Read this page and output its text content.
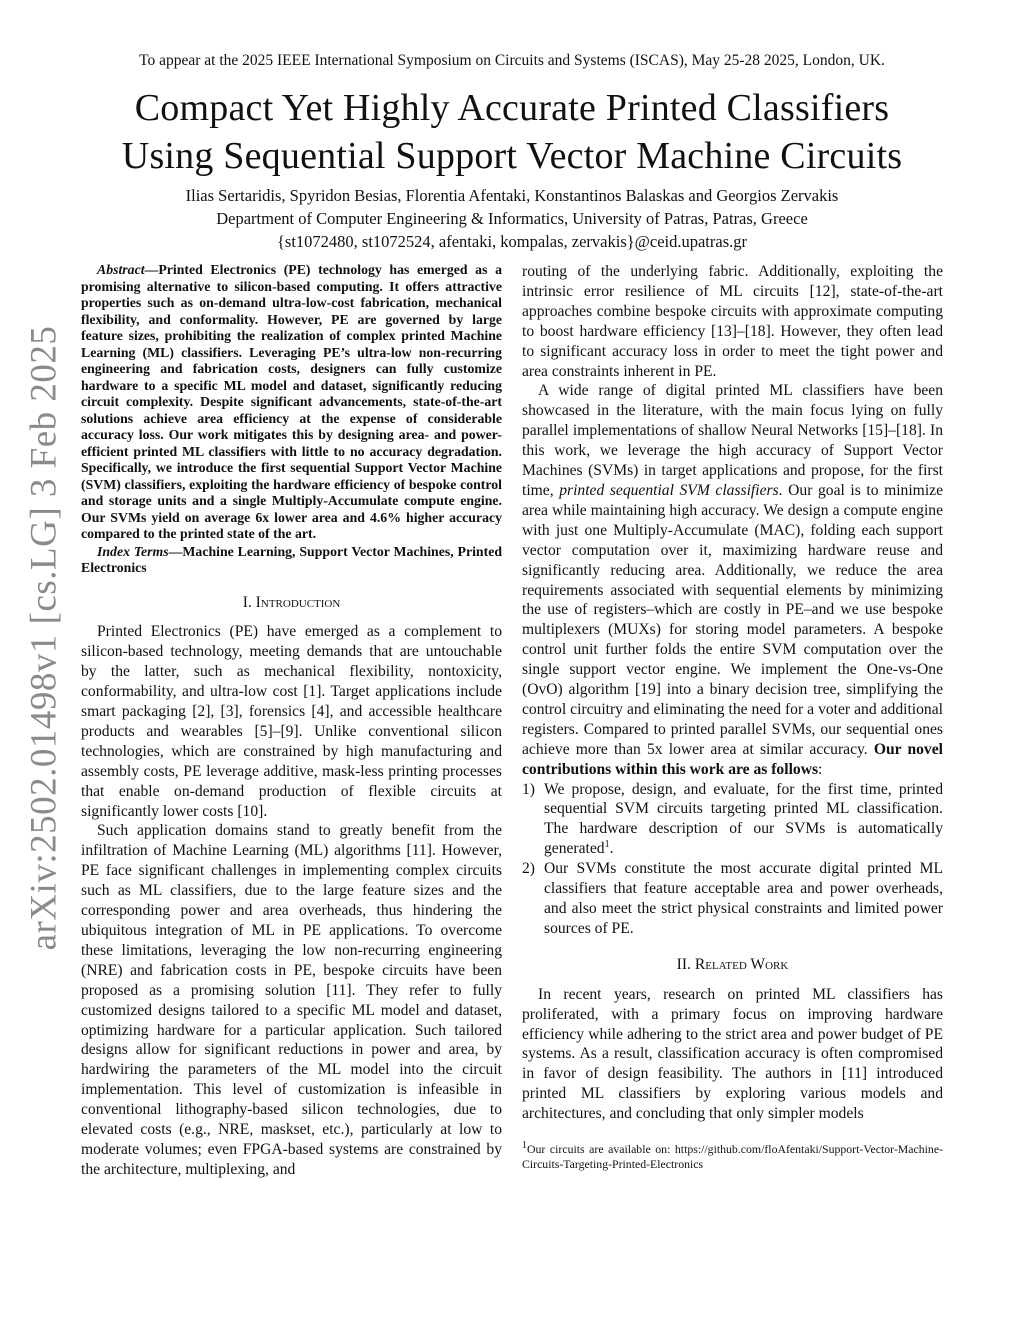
To appear at the 2025 IEEE International Symposium on Circuits and Systems (ISCAS), May 25-28 2025, London, UK.
Compact Yet Highly Accurate Printed Classifiers
Using Sequential Support Vector Machine Circuits
Ilias Sertaridis, Spyridon Besias, Florentia Afentaki, Konstantinos Balaskas and Georgios Zervakis
Department of Computer Engineering & Informatics, University of Patras, Patras, Greece
{st1072480, st1072524, afentaki, kompalas, zervakis}@ceid.upatras.gr
arXiv:2502.01498v1 [cs.LG] 3 Feb 2025

Abstract—Printed Electronics (PE) technology has emerged as a promising alternative to silicon-based computing. It offers attractive properties such as on-demand ultra-low-cost fabrication, mechanical flexibility, and conformality. However, PE are governed by large feature sizes, prohibiting the realization of complex printed Machine Learning (ML) classifiers. Leveraging PE’s ultra-low non-recurring engineering and fabrication costs, designers can fully customize hardware to a specific ML model and dataset, significantly reducing circuit complexity. Despite significant advancements, state-of-the-art solutions achieve area efficiency at the expense of considerable accuracy loss. Our work mitigates this by designing area- and power-efficient printed ML classifiers with little to no accuracy degradation. Specifically, we introduce the first sequential Support Vector Machine (SVM) classifiers, exploiting the hardware efficiency of bespoke control and storage units and a single Multiply-Accumulate compute engine. Our SVMs yield on average 6x lower area and 4.6% higher accuracy compared to the printed state of the art.

Index Terms—Machine Learning, Support Vector Machines, Printed Electronics

I. Introduction

Printed Electronics (PE) have emerged as a complement to silicon-based technology, meeting demands that are untouchable by the latter, such as mechanical flexibility, nontoxicity, conformability, and ultra-low cost [1]. Target applications include smart packaging [2], [3], forensics [4], and accessible healthcare products and wearables [5]–[9]. Unlike conventional silicon technologies, which are constrained by high manufacturing and assembly costs, PE leverage additive, mask-less printing processes that enable on-demand production of flexible circuits at significantly lower costs [10].

Such application domains stand to greatly benefit from the infiltration of Machine Learning (ML) algorithms [11]. However, PE face significant challenges in implementing complex circuits such as ML classifiers, due to the large feature sizes and the corresponding power and area overheads, thus hindering the ubiquitous integration of ML in PE applications. To overcome these limitations, leveraging the low non-recurring engineering (NRE) and fabrication costs in PE, bespoke circuits have been proposed as a promising solution [11]. They refer to fully customized designs tailored to a specific ML model and dataset, optimizing hardware for a particular application. Such tailored designs allow for significant reductions in power and area, by hardwiring the parameters of the ML model into the circuit implementation. This level of customization is infeasible in conventional lithography-based silicon technologies, due to elevated costs (e.g., NRE, maskset, etc.), particularly at low to moderate volumes; even FPGA-based systems are constrained by the architecture, multiplexing, and

routing of the underlying fabric. Additionally, exploiting the intrinsic error resilience of ML circuits [12], state-of-the-art approaches combine bespoke circuits with approximate computing to boost hardware efficiency [13]–[18]. However, they often lead to significant accuracy loss in order to meet the tight power and area constraints inherent in PE.

A wide range of digital printed ML classifiers have been showcased in the literature, with the main focus lying on fully parallel implementations of shallow Neural Networks [15]–[18]. In this work, we leverage the high accuracy of Support Vector Machines (SVMs) in target applications and propose, for the first time, printed sequential SVM classifiers. Our goal is to minimize area while maintaining high accuracy. We design a compute engine with just one Multiply-Accumulate (MAC), folding each support vector computation over it, maximizing hardware reuse and significantly reducing area. Additionally, we reduce the area requirements associated with sequential elements by minimizing the use of registers–which are costly in PE–and we use bespoke multiplexers (MUXs) for storing model parameters. A bespoke control unit further folds the entire SVM computation over the single support vector engine. We implement the One-vs-One (OvO) algorithm [19] into a binary decision tree, simplifying the control circuitry and eliminating the need for a voter and additional registers. Compared to printed parallel SVMs, our sequential ones achieve more than 5x lower area at similar accuracy. Our novel contributions within this work are as follows:

1) We propose, design, and evaluate, for the first time, printed sequential SVM circuits targeting printed ML classification. The hardware description of our SVMs is automatically generated$^1$.
2) Our SVMs constitute the most accurate digital printed ML classifiers that feature acceptable area and power overheads, and also meet the strict physical constraints and limited power sources of PE.
II. Related Work

In recent years, research on printed ML classifiers has proliferated, with a primary focus on improving hardware efficiency while adhering to the strict area and power budget of PE systems. As a result, classification accuracy is often compromised in favor of design feasibility. The authors in [11] introduced printed ML classifiers by exploring various models and architectures, and concluding that only simpler models

$^1$Our circuits are available on: https://github.com/floAfentaki/Support-Vector-Machine-Circuits-Targeting-Printed-Electronics
